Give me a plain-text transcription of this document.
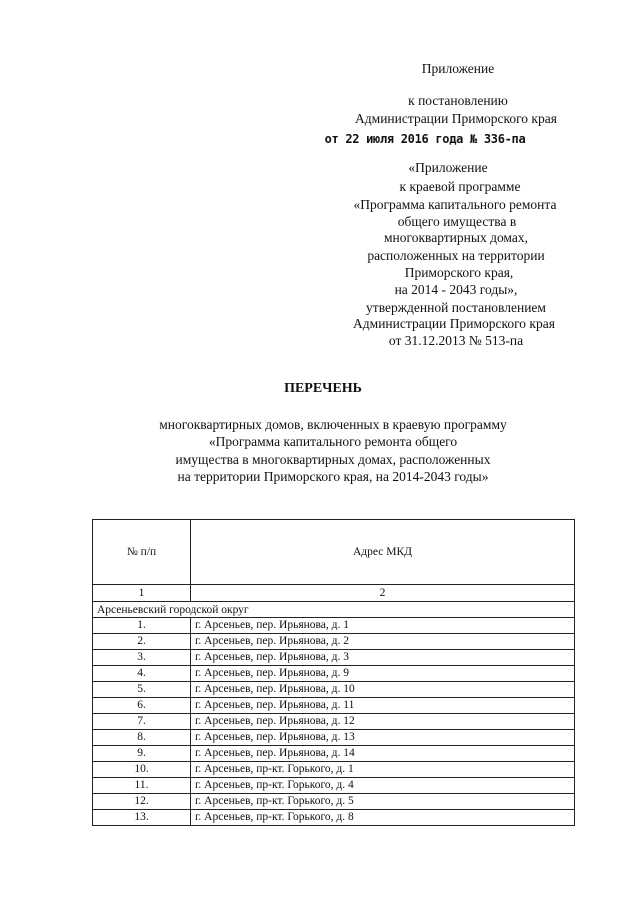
Приложение
к постановлению
Администрации Приморского края
от 22 июля 2016 года № 336-па
«Приложение
к краевой программе
«Программа капитального ремонта
общего имущества в
многоквартирных домах,
расположенных на территории
Приморского края,
на 2014 - 2043 годы»,
утвержденной постановлением
Администрации Приморского края
от 31.12.2013 № 513-па
ПЕРЕЧЕНЬ
многоквартирных домов, включенных в краевую программу
«Программа капитального ремонта общего
имущества в многоквартирных домах, расположенных
на территории Приморского края, на 2014-2043 годы»
№ п/п	Адрес МКД
1	2
Арсеньевский городской округ	
1.	г. Арсеньев, пер. Ирьянова, д. 1
2.	г. Арсеньев, пер. Ирьянова, д. 2
3.	г. Арсеньев, пер. Ирьянова, д. 3
4.	г. Арсеньев, пер. Ирьянова, д. 9
5.	г. Арсеньев, пер. Ирьянова, д. 10
6.	г. Арсеньев, пер. Ирьянова, д. 11
7.	г. Арсеньев, пер. Ирьянова, д. 12
8.	г. Арсеньев, пер. Ирьянова, д. 13
9.	г. Арсеньев, пер. Ирьянова, д. 14
10.	г. Арсеньев, пр-кт. Горького, д. 1
11.	г. Арсеньев, пр-кт. Горького, д. 4
12.	г. Арсеньев, пр-кт. Горького, д. 5
13.	г. Арсеньев, пр-кт. Горького, д. 8
